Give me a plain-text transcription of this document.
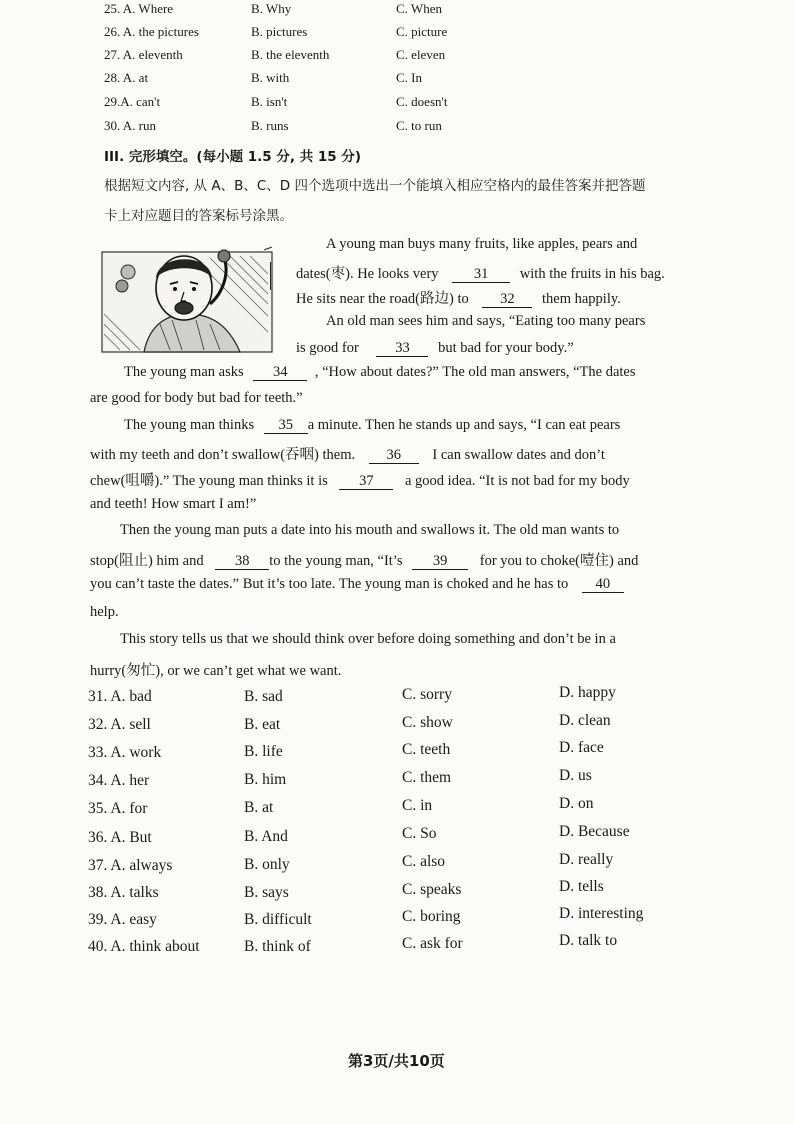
25. A. Where	B. Why	C. When
26. A. the pictures	B. pictures	C. picture
27. A. eleventh	B. the eleventh	C. eleven
28. A. at	B. with	C. In
29.A. can't	B. isn't	C. doesn't
30. A. run	B. runs	C. to run
III. 完形填空。(每小题 1.5 分, 共 15 分)
根据短文内容, 从 A、B、C、D 四个选项中选出一个能填入相应空格内的最佳答案并把答题
卡上对应题目的答案标号涂黑。
A young man buys many fruits, like apples, pears and
dates(枣). He looks very 31 with the fruits in his bag.
He sits near the road(路边) to 32 them happily.
An old man sees him and says, “Eating too many pears
is good for	33 but bad for your body.”
The young man asks 34 , “How about dates?” The old man answers, “The dates
are good for body but bad for teeth.”
The young man thinks 35 a minute. Then he stands up and says, “I can eat pears
with my teeth and don’t swallow(吞咽) them. 36 I can swallow dates and don’t
chew(咀嚼).” The young man thinks it is 37 a good idea. “It is not bad for my body
and teeth! How smart I am!”
Then the young man puts a date into his mouth and swallows it. The old man wants to
stop(阻止) him and 38 to the young man, “It’s 39 for you to choke(噎住) and
you can’t taste the dates.” But it’s too late. The young man is choked and he has to 40
help.
This story tells us that we should think over before doing something and don’t be in a
hurry(匆忙), or we can’t get what we want.
31. A. bad	B. sad	C. sorry	D. happy
32. A. sell	B. eat	C. show	D. clean
33. A. work	B. life	C. teeth	D. face
34. A. her	B. him	C. them	D. us
35. A. for	B. at	C. in	D. on
36. A. But	B. And	C. So	D. Because
37. A. always	B. only	C. also	D. really
38. A. talks	B. says	C. speaks	D. tells
39. A. easy	B. difficult	C. boring	D. interesting
40. A. think about	B. think of	C. ask for	D. talk to
第3页/共10页
